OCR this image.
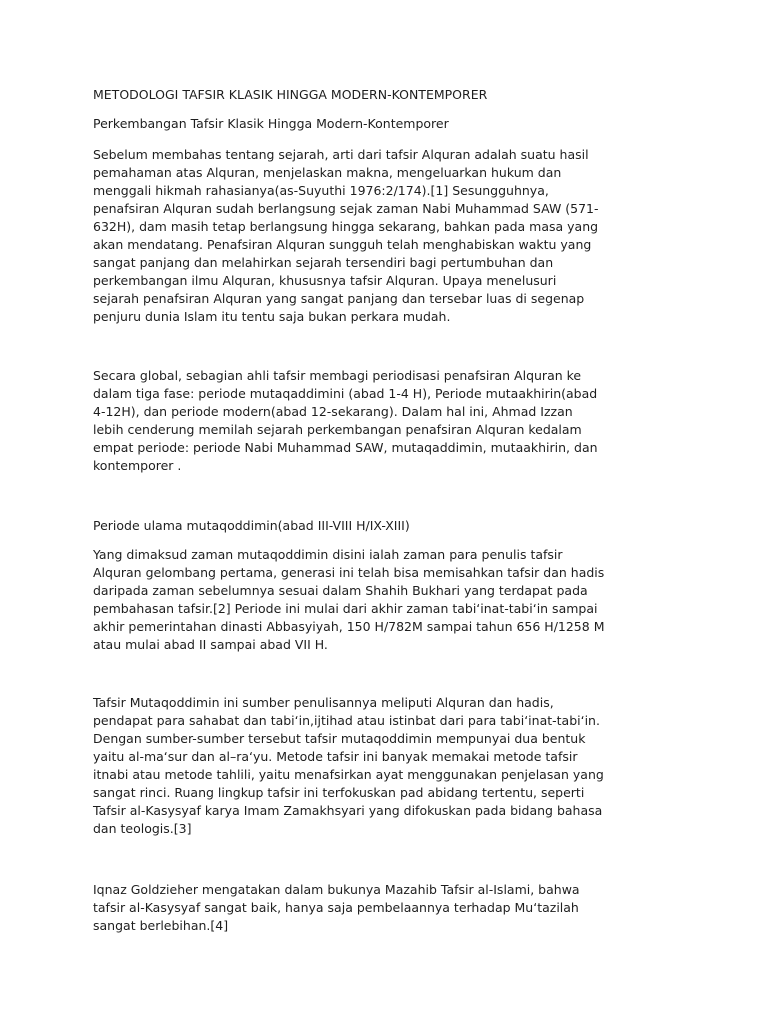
METODOLOGI TAFSIR KLASIK HINGGA MODERN-KONTEMPORER
Perkembangan Tafsir Klasik Hingga Modern-Kontemporer
Sebelum membahas tentang sejarah, arti dari tafsir Alquran adalah suatu hasil
pemahaman atas Alquran, menjelaskan makna, mengeluarkan hukum dan
menggali hikmah rahasianya(as-Suyuthi 1976:2/174).[1] Sesungguhnya,
penafsiran Alquran sudah berlangsung sejak zaman Nabi Muhammad SAW (571-
632H), dam masih tetap berlangsung hingga sekarang, bahkan pada masa yang
akan mendatang. Penafsiran Alquran sungguh telah menghabiskan waktu yang
sangat panjang dan melahirkan sejarah tersendiri bagi pertumbuhan dan
perkembangan ilmu Alquran, khususnya tafsir Alquran. Upaya menelusuri
sejarah penafsiran Alquran yang sangat panjang dan tersebar luas di segenap
penjuru dunia Islam itu tentu saja bukan perkara mudah.
Secara global, sebagian ahli tafsir membagi periodisasi penafsiran Alquran ke
dalam tiga fase: periode mutaqaddimini (abad 1-4 H), Periode mutaakhirin(abad
4-12H), dan periode modern(abad 12-sekarang). Dalam hal ini, Ahmad Izzan
lebih cenderung memilah sejarah perkembangan penafsiran Alquran kedalam
empat periode: periode Nabi Muhammad SAW, mutaqaddimin, mutaakhirin, dan
kontemporer .
Periode ulama mutaqoddimin(abad III-VIII H/IX-XIII)
Yang dimaksud zaman mutaqoddimin disini ialah zaman para penulis tafsir
Alquran gelombang pertama, generasi ini telah bisa memisahkan tafsir dan hadis
daripada zaman sebelumnya sesuai dalam Shahih Bukhari yang terdapat pada
pembahasan tafsir.[2] Periode ini mulai dari akhir zaman tabi‘inat-tabi‘in sampai
akhir pemerintahan dinasti Abbasyiyah, 150 H/782M sampai tahun 656 H/1258 M
atau mulai abad II sampai abad VII H.
Tafsir Mutaqoddimin ini sumber penulisannya meliputi Alquran dan hadis,
pendapat para sahabat dan tabi‘in,ijtihad atau istinbat dari para tabi‘inat-tabi‘in.
Dengan sumber-sumber tersebut tafsir mutaqoddimin mempunyai dua bentuk
yaitu al-ma‘sur dan al–ra‘yu. Metode tafsir ini banyak memakai metode tafsir
itnabi atau metode tahlili, yaitu menafsirkan ayat menggunakan penjelasan yang
sangat rinci. Ruang lingkup tafsir ini terfokuskan pad abidang tertentu, seperti
Tafsir al-Kasysyaf karya Imam Zamakhsyari yang difokuskan pada bidang bahasa
dan teologis.[3]
Iqnaz Goldzieher mengatakan dalam bukunya Mazahib Tafsir al-Islami, bahwa
tafsir al-Kasysyaf sangat baik, hanya saja pembelaannya terhadap Mu‘tazilah
sangat berlebihan.[4]
